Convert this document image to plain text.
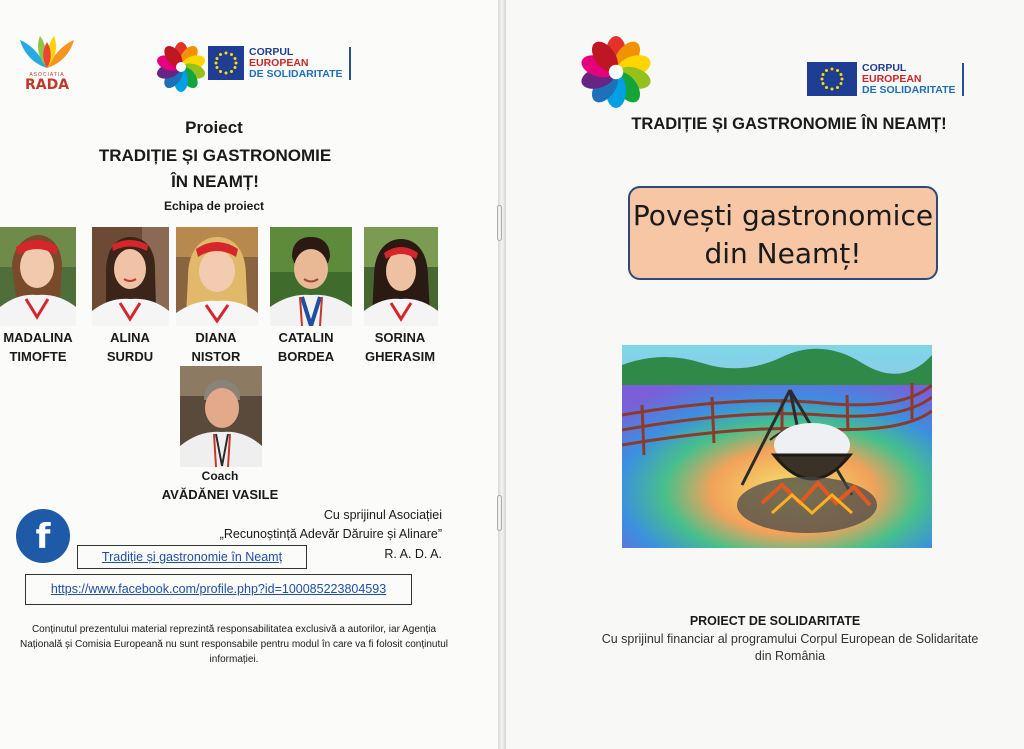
ASOCIATIA
RADA
CORPUL
EUROPEAN
DE SOLIDARITATE
Proiect
TRADIȚIE ȘI GASTRONOMIE
ÎN NEAMȚ!
Echipa de proiect
MADALINA
TIMOFTE
ALINA
SURDU
DIANA
NISTOR
CATALIN
BORDEA
SORINA
GHERASIM
Coach
AVĂDĂNEI VASILE
f
Cu sprijinul Asociației
„Recunoștință Adevăr Dăruire și Alinare”
R. A. D. A.
Tradiție și gastronomie în Neamț
https://www.facebook.com/profile.php?id=100085223804593
Conținutul prezentului material reprezintă responsabilitatea exclusivă a autorilor, iar Agenția Națională și Comisia Europeană nu sunt responsabile pentru modul în care va fi folosit conținutul informației.
CORPUL
EUROPEAN
DE SOLIDARITATE
TRADIȚIE ȘI GASTRONOMIE ÎN NEAMȚ!
Povești gastronomice
din Neamț!
PROIECT DE SOLIDARITATE
Cu sprijinul financiar al programului Corpul European de Solidaritate din România
